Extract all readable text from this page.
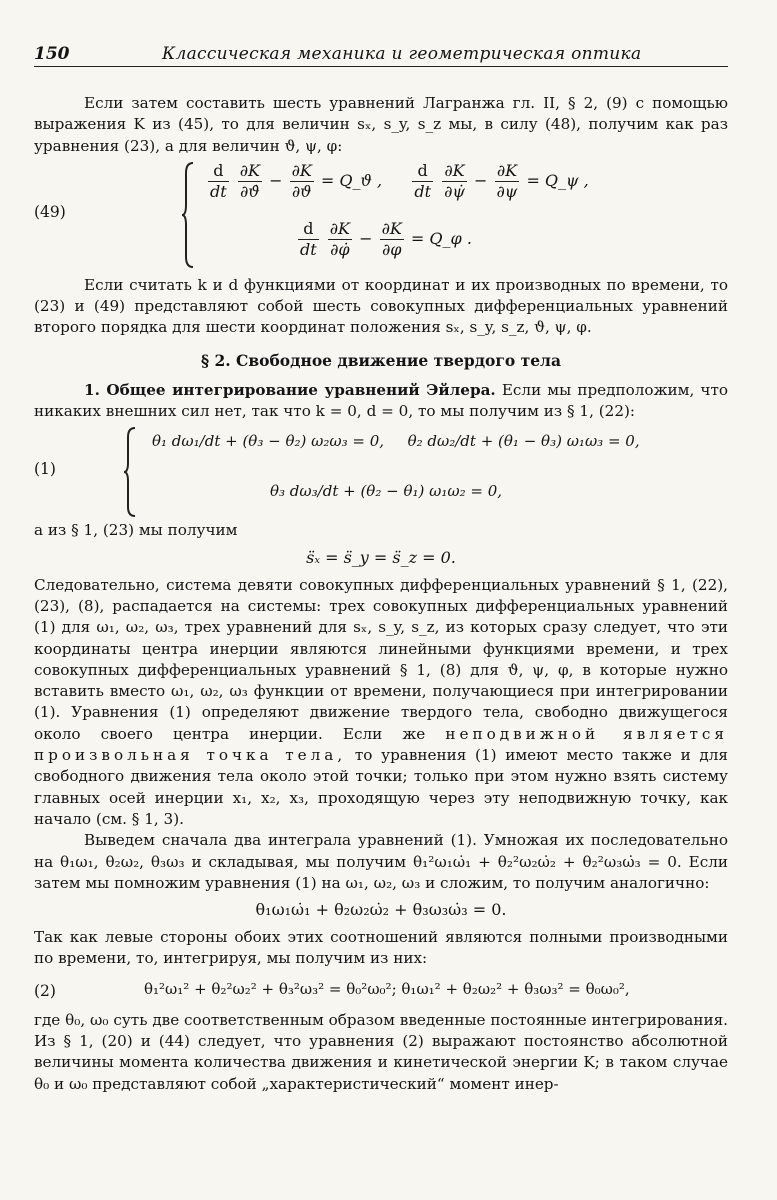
150	Классическая механика и геометрическая оптика

Если затем составить шесть уравнений Лагранжа гл. II, § 2, (9) с помощью выражения K из (45), то для величин sₓ, s_y, s_z мы, в силу (48), получим как раз уравнения (23), а для величин ϑ, ψ, φ:

(49)
$\frac{d}{dt}$
$\frac{\partial K}{\partial ϑ̇} - \frac{\partial K}{\partial ϑ}$ = Q_ϑ , $\frac{d}{dt}$
$\frac{\partial K}{\partial\psi̇} - \frac{\partial K}{\partial\psi}$ = Q_ψ ,
$\frac{d}{dt}$
$\frac{\partial K}{\partial\varphi̇} - \frac{\partial K}{\partial\varphi}$ = Q_φ .

Если считать k и d функциями от координат и их производных по времени, то (23) и (49) представляют собой шесть совокупных дифференциальных уравнений второго порядка для шести координат положения sₓ, s_y, s_z, ϑ, ψ, φ.

§ 2. Свободное движение твердого тела

1. Общее интегрирование уравнений Эйлера. Если мы предположим, что никаких внешних сил нет, так что k = 0, d = 0, то мы получим из § 1, (22):

(1)
θ₁ dω₁/dt + (θ₃ − θ₂) ω₂ω₃ = 0, θ₂ dω₂/dt + (θ₁ − θ₃) ω₁ω₃ = 0,
θ₃ dω₃/dt + (θ₂ − θ₁) ω₁ω₂ = 0,

а из § 1, (23) мы получим

s̈ₓ = s̈_y = s̈_z = 0.

Следовательно, система девяти совокупных дифференциальных уравнений § 1, (22), (23), (8), распадается на системы: трех совокупных дифференциальных уравнений (1) для ω₁, ω₂, ω₃, трех уравнений для sₓ, s_y, s_z, из которых сразу следует, что эти координаты центра инерции являются линейными функциями времени, и трех совокупных дифференциальных уравнений § 1, (8) для ϑ, ψ, φ, в которые нужно вставить вместо ω₁, ω₂, ω₃ функции от времени, получающиеся при интегрировании (1). Уравнения (1) определяют движение твердого тела, свободно движущегося около своего центра инерции. Если же неподвижной является произвольная точка тела, то уравнения (1) имеют место также и для свободного движения тела около этой точки; только при этом нужно взять систему главных осей инерции x₁, x₂, x₃, проходящую через эту неподвижную точку, как начало (см. § 1, 3).

Выведем сначала два интеграла уравнений (1). Умножая их последовательно на θ₁ω₁, θ₂ω₂, θ₃ω₃ и складывая, мы получим θ₁²ω₁ω̇₁ + θ₂²ω₂ω̇₂ + θ₂²ω₃ω̇₃ = 0. Если затем мы помножим уравнения (1) на ω₁, ω₂, ω₃ и сложим, то получим аналогично:

θ₁ω₁ω̇₁ + θ₂ω₂ω̇₂ + θ₃ω₃ω̇₃ = 0.

Так как левые стороны обоих этих соотношений являются полными производными по времени, то, интегрируя, мы получим из них:

(2)	θ₁²ω₁² + θ₂²ω₂² + θ₃²ω₃² = θ₀²ω₀²; θ₁ω₁² + θ₂ω₂² + θ₃ω₃² = θ₀ω₀²,

где θ₀, ω₀ суть две соответственным образом введенные постоянные интегрирования. Из § 1, (20) и (44) следует, что уравнения (2) выражают постоянство абсолютной величины момента количества движения и кинетической энергии K; в таком случае θ₀ и ω₀ представляют собой „характеристический“ момент инер-
